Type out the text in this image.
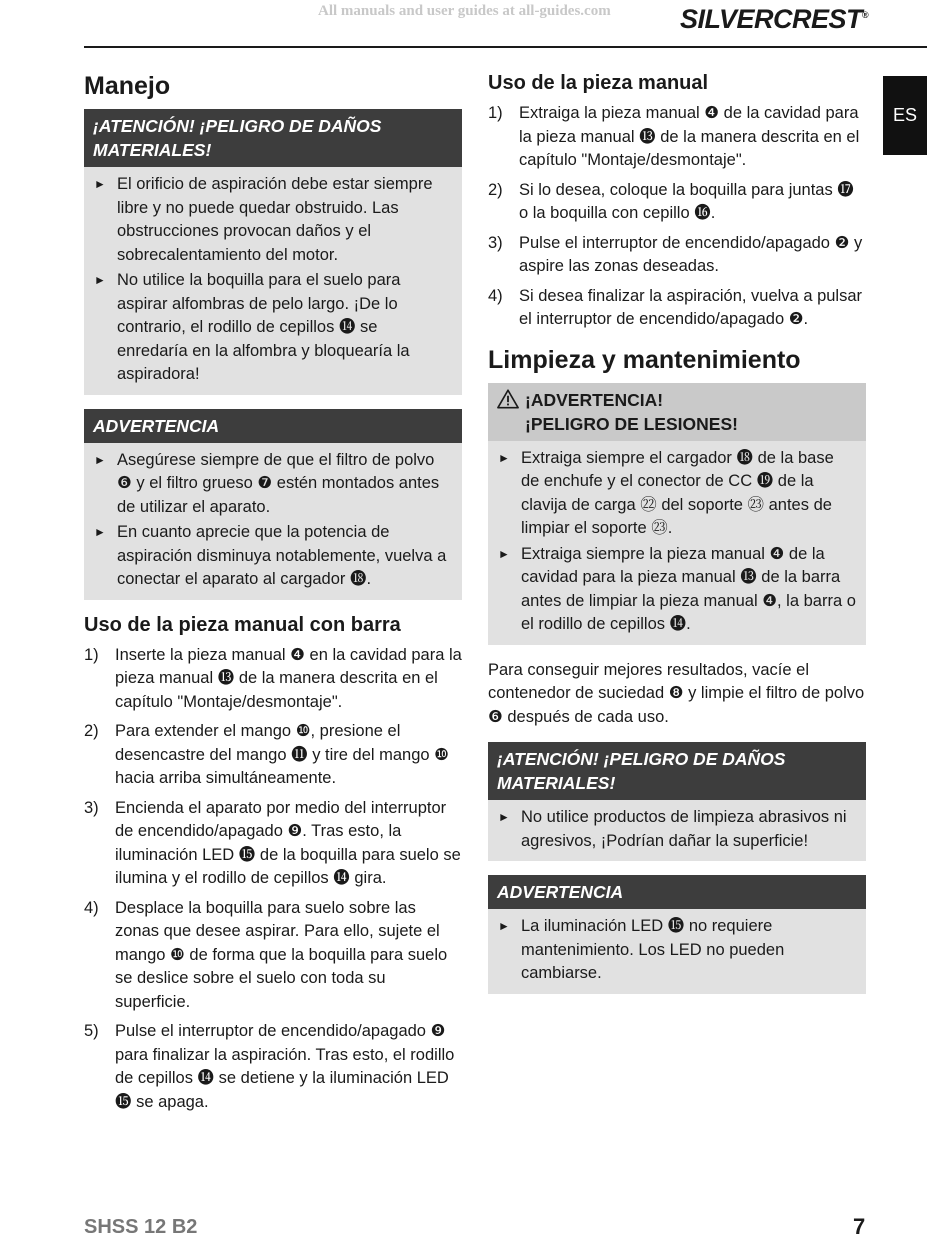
All manuals and user guides at all-guides.com	SILVERCREST®
ES
Manejo
¡ATENCIÓN! ¡PELIGRO DE DAÑOS MATERIALES!
► El orificio de aspiración debe estar siempre libre y no puede quedar obstruido. Las obstrucciones provocan daños y el sobrecalentamiento del motor.
► No utilice la boquilla para el suelo para aspirar alfombras de pelo largo. ¡De lo contrario, el rodillo de cepillos ⓮ se enredaría en la alfombra y bloquearía la aspiradora!
ADVERTENCIA
► Asegúrese siempre de que el filtro de polvo ❻ y el filtro grueso ❼ estén montados antes de utilizar el aparato.
► En cuanto aprecie que la potencia de aspiración disminuya notablemente, vuelva a conectar el aparato al cargador ⓲.
Uso de la pieza manual con barra
1) Inserte la pieza manual ❹ en la cavidad para la pieza manual ⓭ de la manera descrita en el capítulo "Montaje/desmontaje".
2) Para extender el mango ❿, presione el desencastre del mango ⓫ y tire del mango ❿ hacia arriba simultáneamente.
3) Encienda el aparato por medio del interruptor de encendido/apagado ❾. Tras esto, la iluminación LED ⓯ de la boquilla para suelo se ilumina y el rodillo de cepillos ⓮ gira.
4) Desplace la boquilla para suelo sobre las zonas que desee aspirar. Para ello, sujete el mango ❿ de forma que la boquilla para suelo se deslice sobre el suelo con toda su superficie.
5) Pulse el interruptor de encendido/apagado ❾ para finalizar la aspiración. Tras esto, el rodillo de cepillos ⓮ se detiene y la iluminación LED ⓯ se apaga.
Uso de la pieza manual
1) Extraiga la pieza manual ❹ de la cavidad para la pieza manual ⓭ de la manera descrita en el capítulo "Montaje/desmontaje".
2) Si lo desea, coloque la boquilla para juntas ⓱ o la boquilla con cepillo ⓰.
3) Pulse el interruptor de encendido/apagado ❷ y aspire las zonas deseadas.
4) Si desea finalizar la aspiración, vuelva a pulsar el interruptor de encendido/apagado ❷.
Limpieza y mantenimiento
¡ADVERTENCIA!
¡PELIGRO DE LESIONES!
► Extraiga siempre el cargador ⓲ de la base de enchufe y el conector de CC ⓳ de la clavija de carga ㉒ del soporte ㉓ antes de limpiar el soporte ㉓.
► Extraiga siempre la pieza manual ❹ de la cavidad para la pieza manual ⓭ de la barra antes de limpiar la pieza manual ❹, la barra o el rodillo de cepillos ⓮.

Para conseguir mejores resultados, vacíe el contenedor de suciedad ❽ y limpie el filtro de polvo ❻ después de cada uso.

¡ATENCIÓN! ¡PELIGRO DE DAÑOS MATERIALES!
► No utilice productos de limpieza abrasivos ni agresivos, ¡Podrían dañar la superficie!
ADVERTENCIA
► La iluminación LED ⓯ no requiere mantenimiento. Los LED no pueden cambiarse.
SHSS 12 B2	7
